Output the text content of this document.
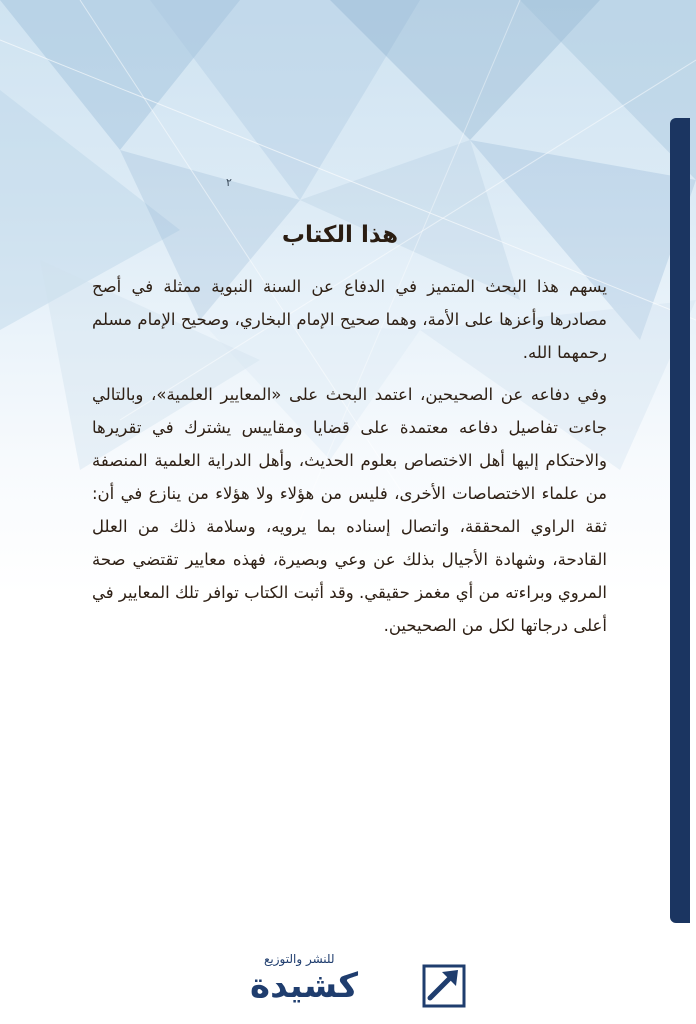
٢
هذا الكتاب

يسهم هذا البحث المتميز في الدفاع عن السنة النبوية ممثلة في أصح مصادرها وأعزها على الأمة، وهما صحيح الإمام البخاري، وصحيح الإمام مسلم رحمهما الله.

وفي دفاعه عن الصحيحين، اعتمد البحث على «المعايير العلمية»، وبالتالي جاءت تفاصيل دفاعه معتمدة على قضايا ومقاييس يشترك في تقريرها والاحتكام إليها أهل الاختصاص بعلوم الحديث، وأهل الدراية العلمية المنصفة من علماء الاختصاصات الأخرى، فليس من هؤلاء ولا هؤلاء من ينازع في أن: ثقة الراوي المحققة، واتصال إسناده بما يرويه، وسلامة ذلك من العلل القادحة، وشهادة الأجيال بذلك عن وعي وبصيرة، فهذه معايير تقتضي صحة المروي وبراءته من أي مغمز حقيقي. وقد أثبت الكتاب توافر تلك المعايير في أعلى درجاتها لكل من الصحيحين.

للنشر والتوزيع
كشيدة
